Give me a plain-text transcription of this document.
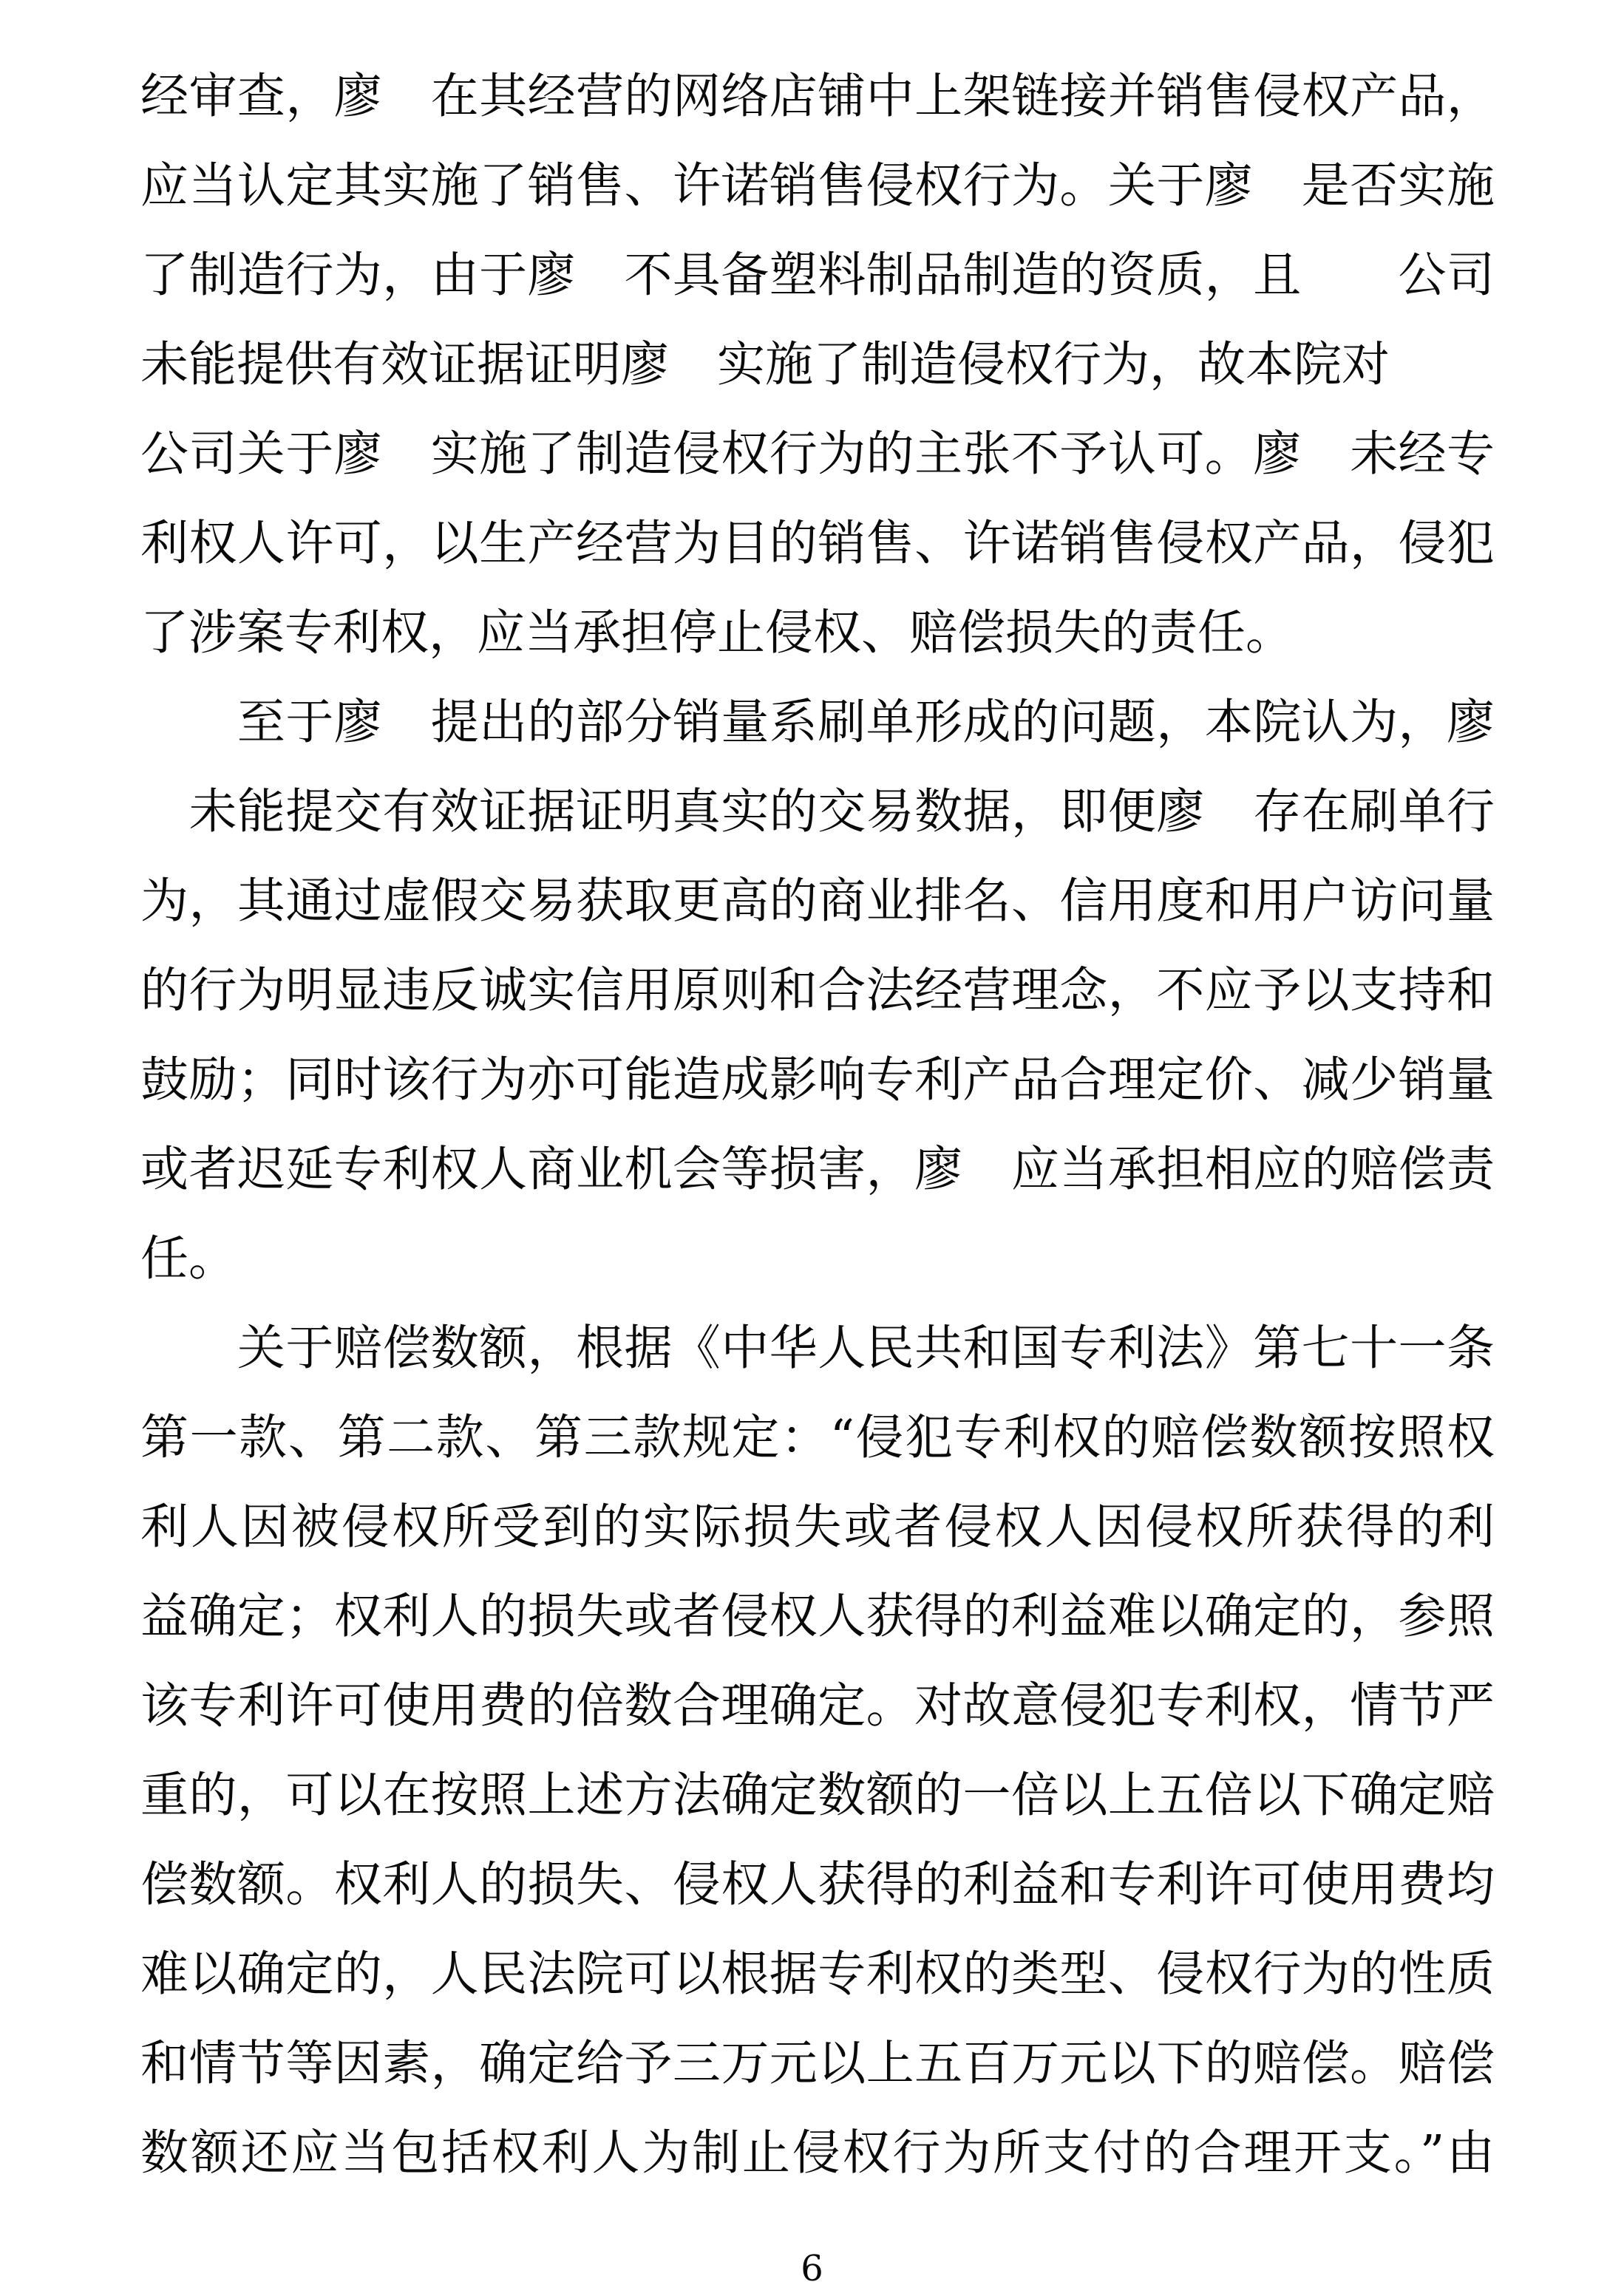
经审查，廖　在其经营的网络店铺中上架链接并销售侵权产品，
应当认定其实施了销售、许诺销售侵权行为。关于廖　是否实施
了制造行为，由于廖　不具备塑料制品制造的资质，且　　公司
未能提供有效证据证明廖　实施了制造侵权行为，故本院对
公司关于廖　实施了制造侵权行为的主张不予认可。廖　未经专
利权人许可，以生产经营为目的销售、许诺销售侵权产品，侵犯
了涉案专利权，应当承担停止侵权、赔偿损失的责任。
　　至于廖　提出的部分销量系刷单形成的问题，本院认为，廖
　未能提交有效证据证明真实的交易数据，即便廖　存在刷单行
为，其通过虚假交易获取更高的商业排名、信用度和用户访问量
的行为明显违反诚实信用原则和合法经营理念，不应予以支持和
鼓励；同时该行为亦可能造成影响专利产品合理定价、减少销量
或者迟延专利权人商业机会等损害，廖　应当承担相应的赔偿责
任。
　　关于赔偿数额，根据《中华人民共和国专利法》第七十一条
第一款、第二款、第三款规定：“侵犯专利权的赔偿数额按照权
利人因被侵权所受到的实际损失或者侵权人因侵权所获得的利
益确定；权利人的损失或者侵权人获得的利益难以确定的，参照
该专利许可使用费的倍数合理确定。对故意侵犯专利权，情节严
重的，可以在按照上述方法确定数额的一倍以上五倍以下确定赔
偿数额。权利人的损失、侵权人获得的利益和专利许可使用费均
难以确定的，人民法院可以根据专利权的类型、侵权行为的性质
和情节等因素，确定给予三万元以上五百万元以下的赔偿。赔偿
数额还应当包括权利人为制止侵权行为所支付的合理开支。”由
6
